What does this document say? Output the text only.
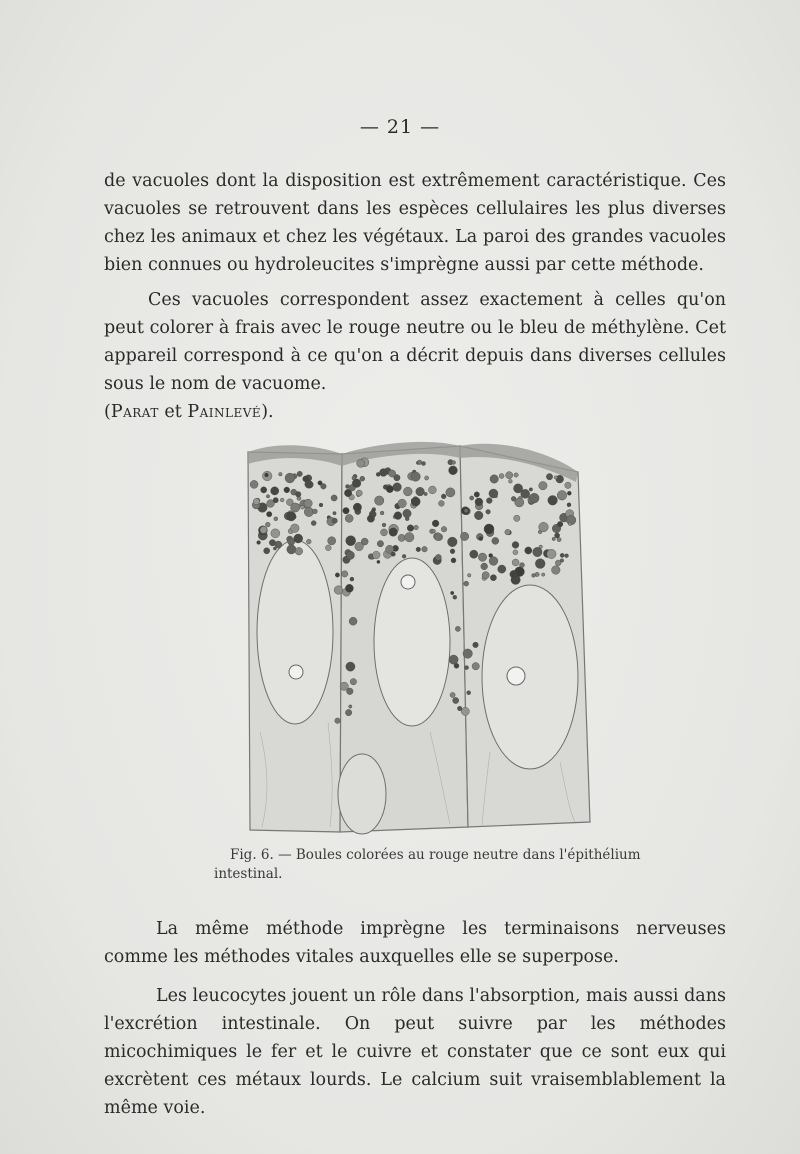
— 21 —

de vacuoles dont la disposition est extrêmement caractéristique. Ces vacuoles se retrouvent dans les espèces cellulaires les plus diverses chez les animaux et chez les végétaux. La paroi des grandes vacuoles bien connues ou hydroleucites s'imprègne aussi par cette méthode.

Ces vacuoles correspondent assez exactement à celles qu'on peut colorer à frais avec le rouge neutre ou le bleu de méthylène. Cet appareil correspond à ce qu'on a décrit depuis dans diverses cellules sous le nom de vacuome.
(Parat et Painlevé).

Fig. 6. — Boules colorées au rouge neutre dans l'épithélium intestinal.

La même méthode imprègne les terminaisons nerveuses comme les méthodes vitales auxquelles elle se superpose.

Les leucocytes jouent un rôle dans l'absorption, mais aussi dans l'excrétion intestinale. On peut suivre par les méthodes micochimiques le fer et le cuivre et constater que ce sont eux qui excrètent ces métaux lourds. Le calcium suit vraisemblablement la même voie.
